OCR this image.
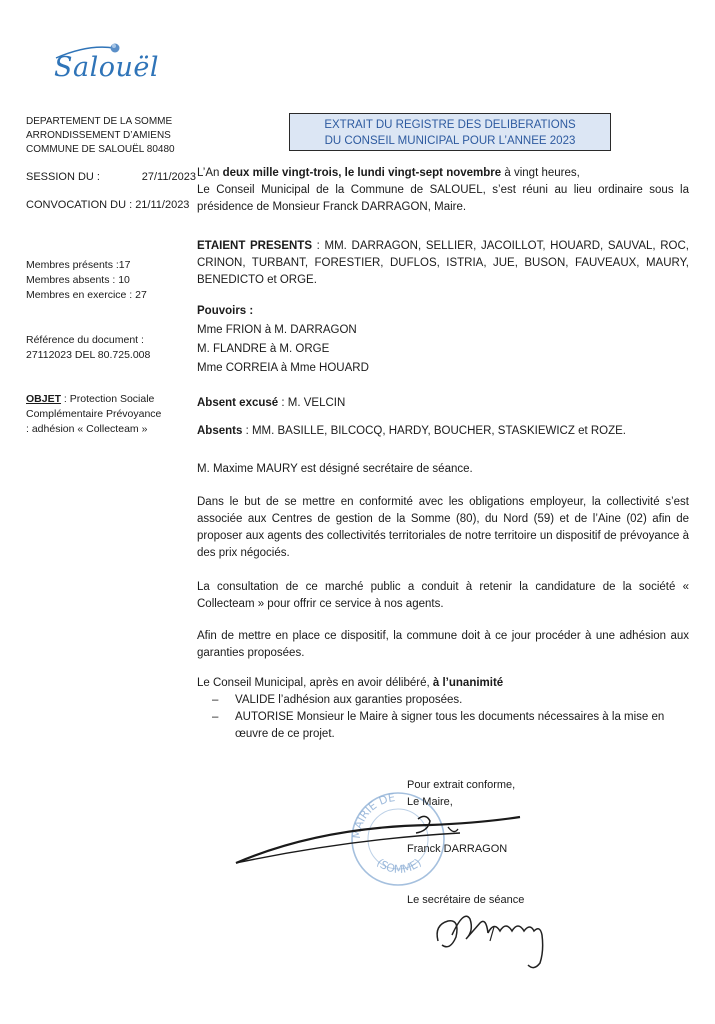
Salouël
DEPARTEMENT DE LA SOMME
ARRONDISSEMENT D’AMIENS
COMMUNE DE SALOUËL 80480
SESSION DU :	27/11/2023
CONVOCATION DU : 21/11/2023
Membres présents :17
Membres absents : 10
Membres en exercice : 27
Référence du document :
27112023 DEL 80.725.008
OBJET : Protection Sociale Complémentaire Prévoyance : adhésion « Collecteam »
EXTRAIT DU REGISTRE DES DELIBERATIONS
DU CONSEIL MUNICIPAL POUR L’ANNEE 2023
L’An deux mille vingt-trois, le lundi vingt-sept novembre à vingt heures,
Le Conseil Municipal de la Commune de SALOUEL, s’est réuni au lieu ordinaire sous la présidence de Monsieur Franck DARRAGON, Maire.
ETAIENT PRESENTS : MM. DARRAGON, SELLIER, JACOILLOT, HOUARD, SAUVAL, ROC, CRINON, TURBANT, FORESTIER, DUFLOS, ISTRIA, JUE, BUSON, FAUVEAUX, MAURY, BENEDICTO et ORGE.
Pouvoirs :
Mme FRION à M. DARRAGON
M. FLANDRE à M. ORGE
Mme CORREIA à Mme HOUARD
Absent excusé : M. VELCIN
Absents : MM. BASILLE, BILCOCQ, HARDY, BOUCHER, STASKIEWICZ et ROZE.
M. Maxime MAURY est désigné secrétaire de séance.
Dans le but de se mettre en conformité avec les obligations employeur, la collectivité s’est associée aux Centres de gestion de la Somme (80), du Nord (59) et de l’Aine (02) afin de proposer aux agents des collectivités territoriales de notre territoire un dispositif de prévoyance à des prix négociés.
La consultation de ce marché public a conduit à retenir la candidature de la société « Collecteam » pour offrir ce service à nos agents.
Afin de mettre en place ce dispositif, la commune doit à ce jour procéder à une adhésion aux garanties proposées.
Le Conseil Municipal, après en avoir délibéré, à l’unanimité
– VALIDE l’adhésion aux garanties proposées.
– AUTORISE Monsieur le Maire à signer tous les documents nécessaires à la mise en œuvre de ce projet.
MAIRIE DE
(SOMME)
Pour extrait conforme,
Le Maire,
Franck DARRAGON
Le secrétaire de séance
